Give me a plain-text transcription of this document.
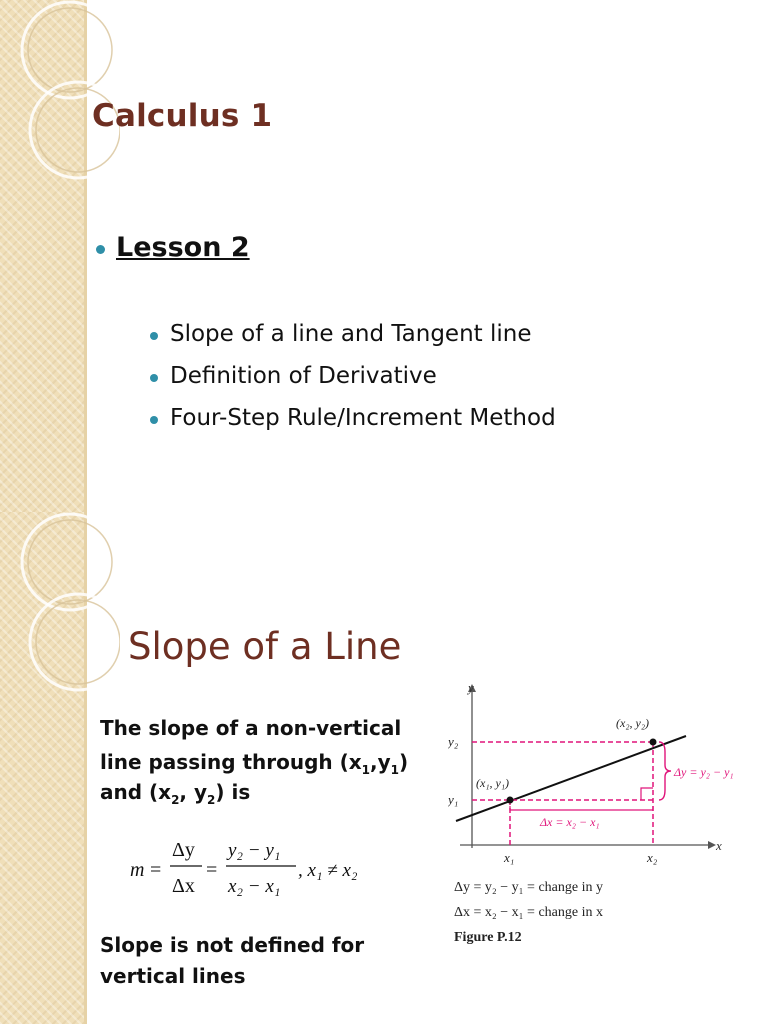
Calculus 1
Lesson 2
Slope of a line and Tangent line
Definition of Derivative
Four-Step Rule/Increment Method
Slope of a Line
The slope of a non-vertical
line passing through $(x_1,y_1)$
and ($x_2$, $y_2$) is
m =
Δy
Δx
=
y₂ − y₁
x₂ − x₁
, x₁ ≠ x₂
Slope is not defined for
vertical lines
y
x
y₂
y₁
x₁	x₂
(x₁, y₁)
(x₂, y₂)
Δy = y₂ − y₁
Δx = x₂ − x₁
Δy = y₂ − y₁ = change in y
Δx = x₂ − x₁ = change in x
Figure P.12
